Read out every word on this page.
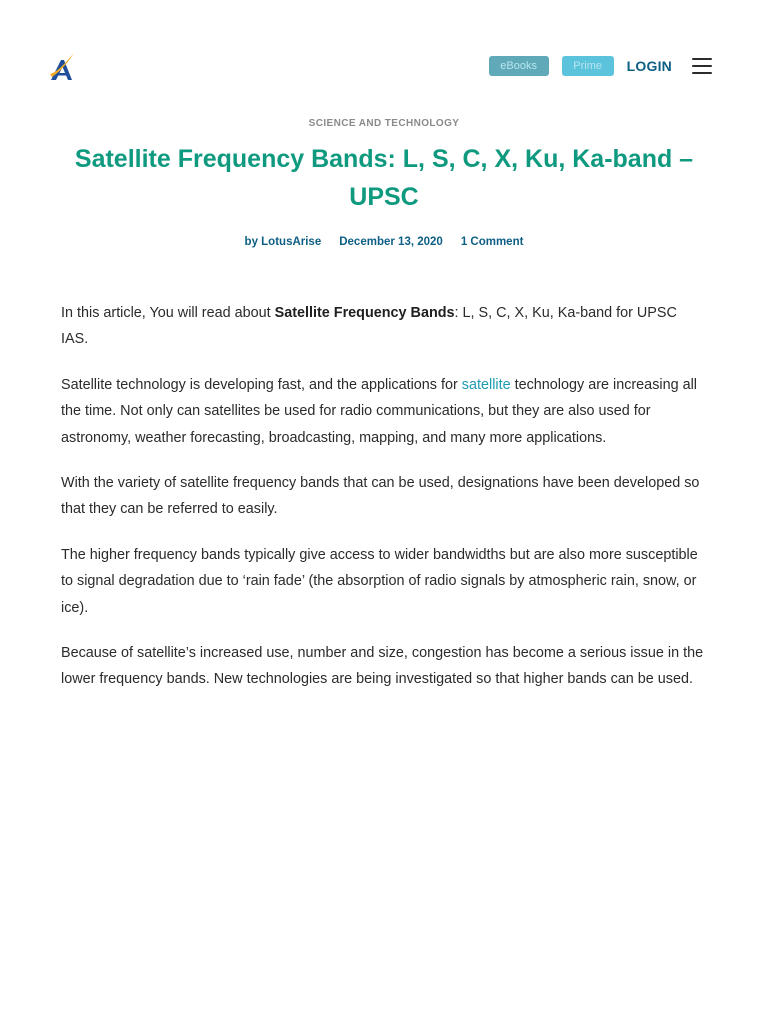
eBooks	Prime	LOGIN
SCIENCE AND TECHNOLOGY
Satellite Frequency Bands: L, S, C, X, Ku, Ka-band – UPSC
by LotusArise December 13, 2020 1 Comment

In this article, You will read about Satellite Frequency Bands: L, S, C, X, Ku, Ka-band for UPSC IAS.

Satellite technology is developing fast, and the applications for satellite technology are increasing all the time. Not only can satellites be used for radio communications, but they are also used for astronomy, weather forecasting, broadcasting, mapping, and many more applications.

With the variety of satellite frequency bands that can be used, designations have been developed so that they can be referred to easily.

The higher frequency bands typically give access to wider bandwidths but are also more susceptible to signal degradation due to ‘rain fade’ (the absorption of radio signals by atmospheric rain, snow, or ice).

Because of satellite’s increased use, number and size, congestion has become a serious issue in the lower frequency bands. New technologies are being investigated so that higher bands can be used.
